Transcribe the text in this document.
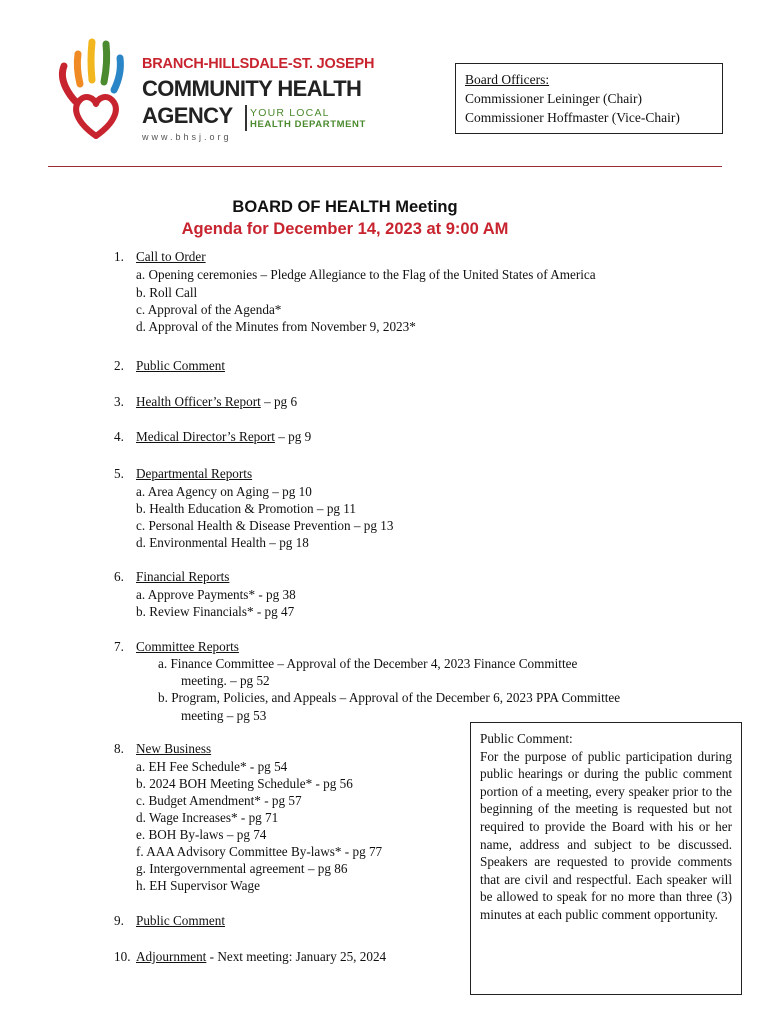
BRANCH-HILLSDALE-ST. JOSEPH
COMMUNITY HEALTH
AGENCY YOUR LOCAL
HEALTH DEPARTMENT
www.bhsj.org
Board Officers:
Commissioner Leininger (Chair)
Commissioner Hoffmaster (Vice-Chair)
BOARD OF HEALTH Meeting
Agenda for December 14, 2023 at 9:00 AM
1. Call to Order
a. Opening ceremonies – Pledge Allegiance to the Flag of the United States of America
b. Roll Call
c. Approval of the Agenda*
d. Approval of the Minutes from November 9, 2023*
2. Public Comment
3. Health Officer’s Report – pg 6
4. Medical Director’s Report – pg 9
5. Departmental Reports
a. Area Agency on Aging – pg 10
b. Health Education & Promotion – pg 11
c. Personal Health & Disease Prevention – pg 13
d. Environmental Health – pg 18
6. Financial Reports
a. Approve Payments* - pg 38
b. Review Financials* - pg 47
7. Committee Reports
a. Finance Committee – Approval of the December 4, 2023 Finance Committee
meeting. – pg 52
b. Program, Policies, and Appeals – Approval of the December 6, 2023 PPA Committee
meeting – pg 53
8. New Business
a. EH Fee Schedule* - pg 54
b. 2024 BOH Meeting Schedule* - pg 56
c. Budget Amendment* - pg 57
d. Wage Increases* - pg 71
e. BOH By-laws – pg 74
f. AAA Advisory Committee By-laws* - pg 77
g. Intergovernmental agreement – pg 86
h. EH Supervisor Wage
9. Public Comment
10. Adjournment - Next meeting: January 25, 2024
Public Comment:
For the purpose of public participation during public hearings or during the public comment portion of a meeting, every speaker prior to the beginning of the meeting is requested but not required to provide the Board with his or her name, address and subject to be discussed. Speakers are requested to provide comments that are civil and respectful. Each speaker will be allowed to speak for no more than three (3) minutes at each public comment opportunity.
